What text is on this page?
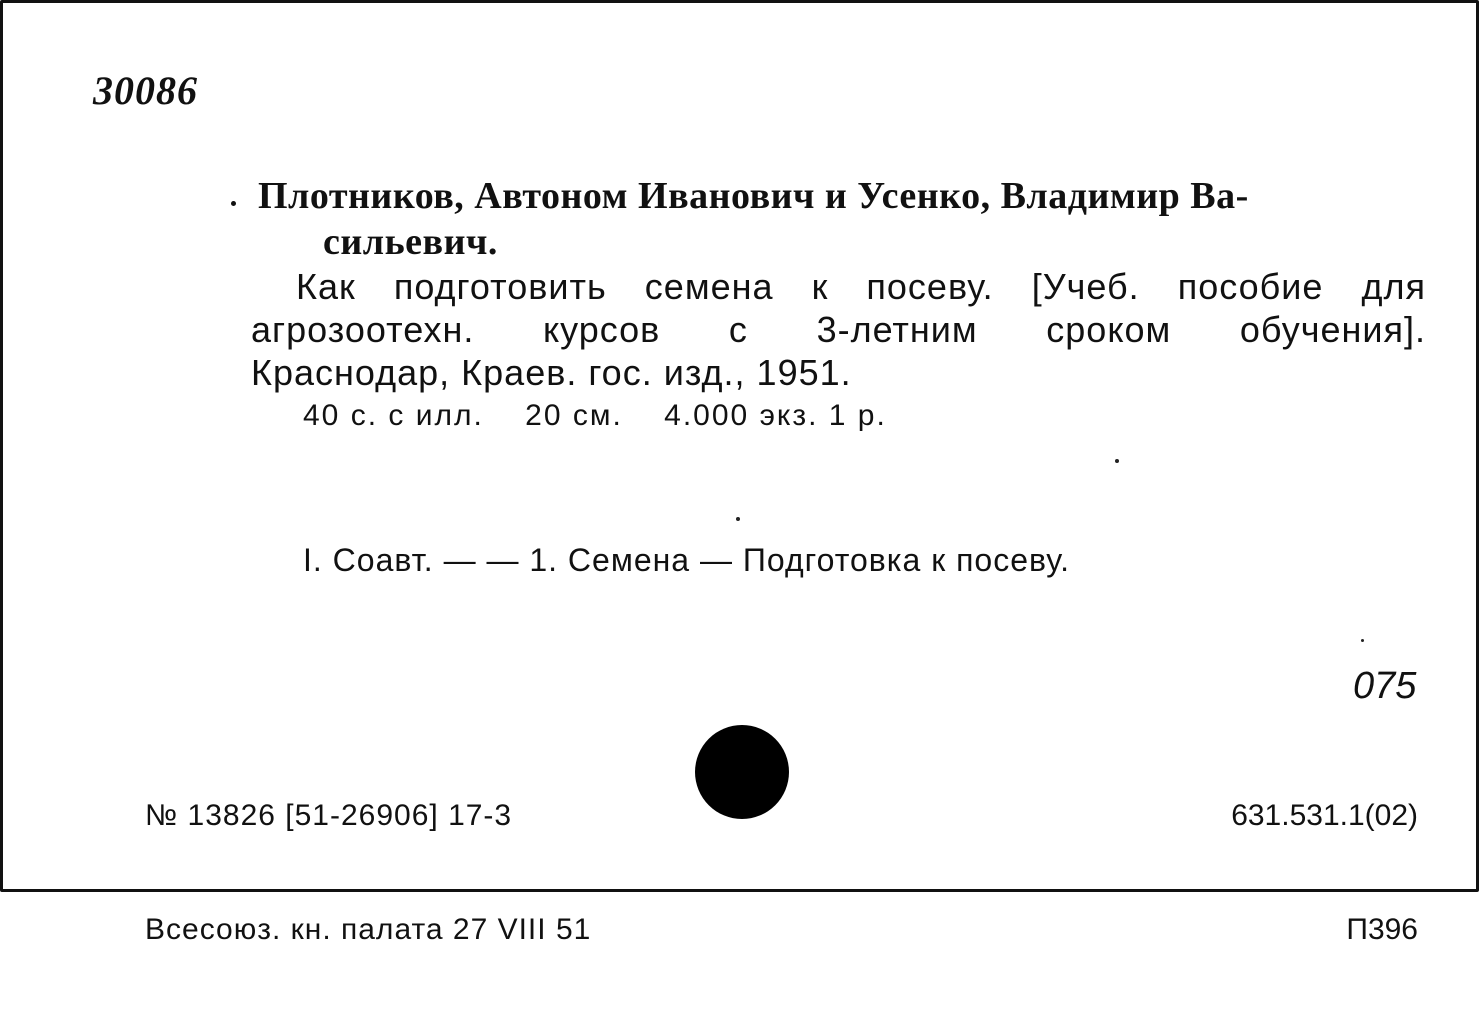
30086
Плотников, Автоном Иванович и Усенко, Владимир Ва-
сильевич.
Как подготовить семена к посеву. [Учеб. пособие для
агрозоотехн. курсов с 3-летним сроком обучения].
Краснодар, Краев. гос. изд., 1951.
40 с. с илл.    20 см.    4.000 экз. 1 р.
I. Соавт. — — 1. Семена — Подготовка к посеву.
075

№ 13826 [51-26906] 17-3

Всесоюз. кн. палата 27 VIII 51

631.531.1(02)

П396
